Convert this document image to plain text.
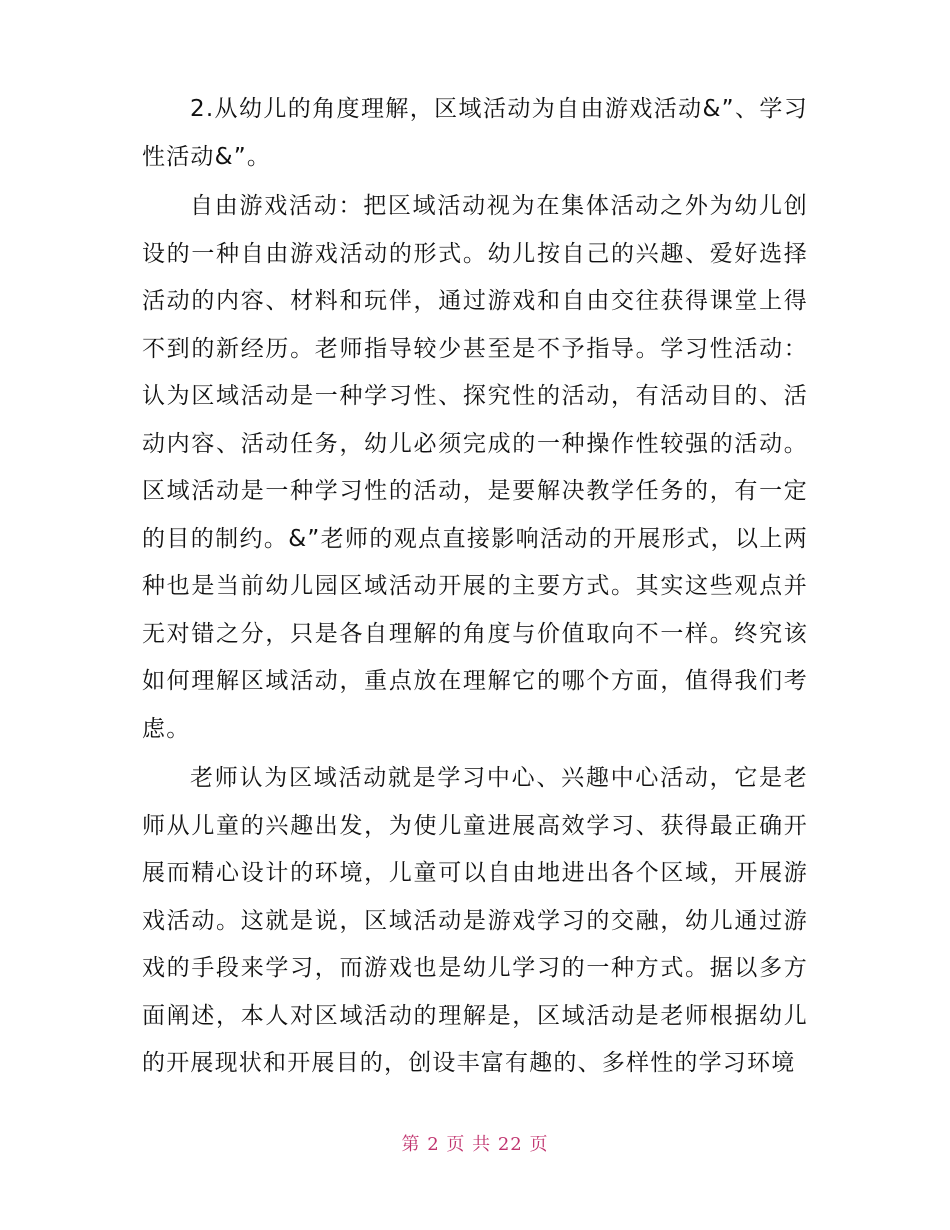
2.从幼儿的角度理解，区域活动为自由游戏活动&”、学习性活动&”。

自由游戏活动：把区域活动视为在集体活动之外为幼儿创设的一种自由游戏活动的形式。幼儿按自己的兴趣、爱好选择活动的内容、材料和玩伴，通过游戏和自由交往获得课堂上得不到的新经历。老师指导较少甚至是不予指导。学习性活动：认为区域活动是一种学习性、探究性的活动，有活动目的、活动内容、活动任务，幼儿必须完成的一种操作性较强的活动。区域活动是一种学习性的活动，是要解决教学任务的，有一定的目的制约。&”老师的观点直接影响活动的开展形式，以上两种也是当前幼儿园区域活动开展的主要方式。其实这些观点并无对错之分，只是各自理解的角度与价值取向不一样。终究该如何理解区域活动，重点放在理解它的哪个方面，值得我们考虑。

老师认为区域活动就是学习中心、兴趣中心活动，它是老师从儿童的兴趣出发，为使儿童进展高效学习、获得最正确开展而精心设计的环境，儿童可以自由地进出各个区域，开展游戏活动。这就是说，区域活动是游戏学习的交融，幼儿通过游戏的手段来学习，而游戏也是幼儿学习的一种方式。据以多方面阐述，本人对区域活动的理解是，区域活动是老师根据幼儿的开展现状和开展目的，创设丰富有趣的、多样性的学习环境

第 2 页 共 22 页
